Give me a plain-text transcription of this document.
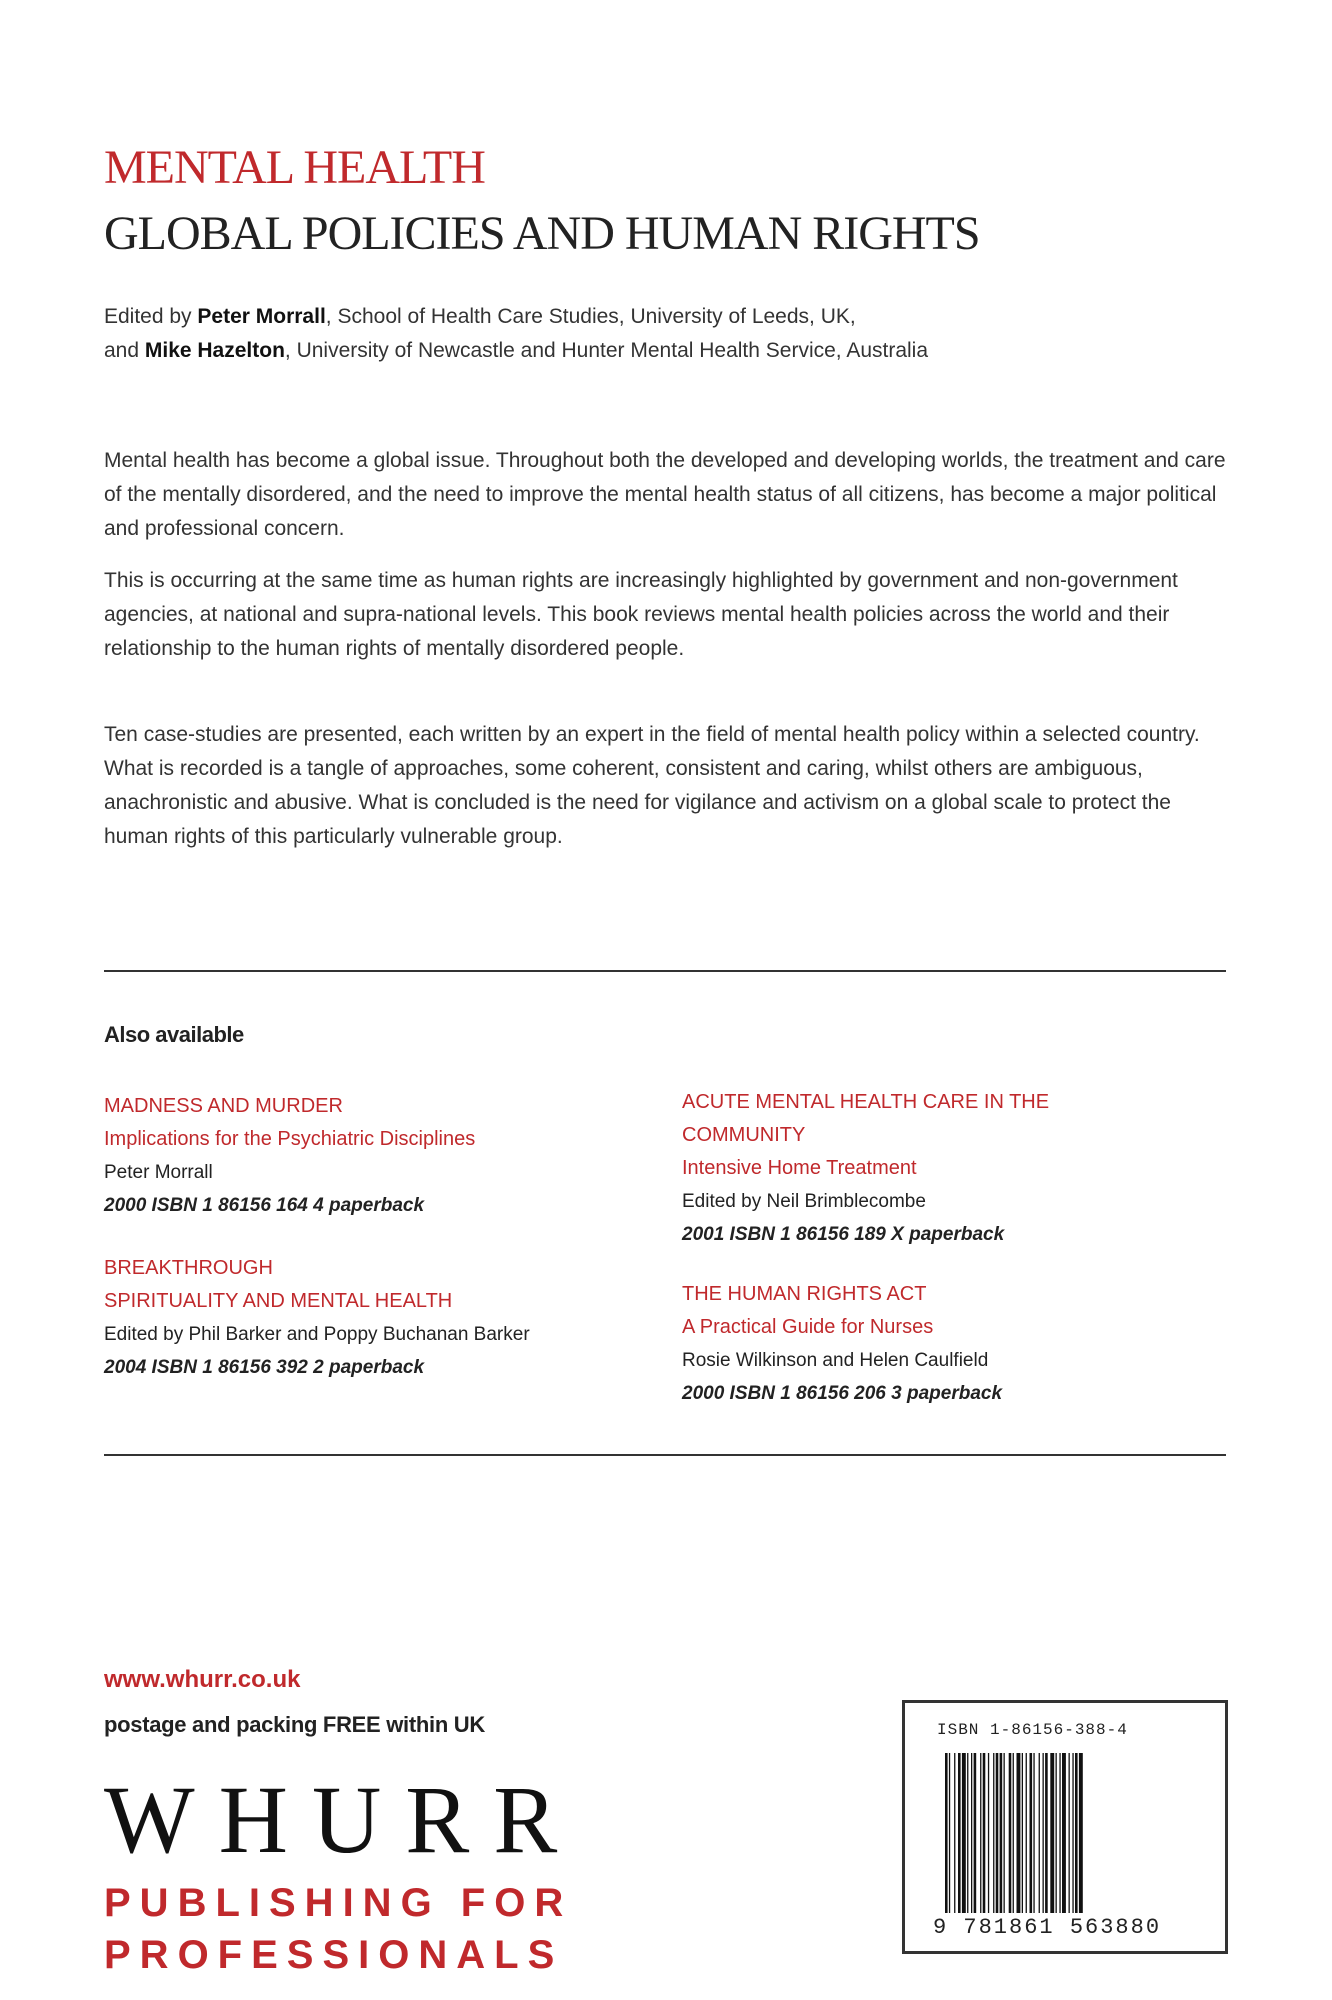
MENTAL HEALTH
GLOBAL POLICIES AND HUMAN RIGHTS
Edited by Peter Morrall, School of Health Care Studies, University of Leeds, UK,
and Mike Hazelton, University of Newcastle and Hunter Mental Health Service, Australia

Mental health has become a global issue. Throughout both the developed and developing worlds, the treatment and care of the mentally disordered, and the need to improve the mental health status of all citizens, has become a major political and professional concern.

This is occurring at the same time as human rights are increasingly highlighted by government and non-government agencies, at national and supra-national levels. This book reviews mental health policies across the world and their relationship to the human rights of mentally disordered people.

Ten case-studies are presented, each written by an expert in the field of mental health policy within a selected country. What is recorded is a tangle of approaches, some coherent, consistent and caring, whilst others are ambiguous, anachronistic and abusive. What is concluded is the need for vigilance and activism on a global scale to protect the human rights of this particularly vulnerable group.

Also available
MADNESS AND MURDER
Implications for the Psychiatric Disciplines
Peter Morrall
2000 ISBN 1 86156 164 4 paperback
BREAKTHROUGH
SPIRITUALITY AND MENTAL HEALTH
Edited by Phil Barker and Poppy Buchanan Barker
2004 ISBN 1 86156 392 2 paperback
ACUTE MENTAL HEALTH CARE IN THE COMMUNITY
Intensive Home Treatment
Edited by Neil Brimblecombe
2001 ISBN 1 86156 189 X paperback
THE HUMAN RIGHTS ACT
A Practical Guide for Nurses
Rosie Wilkinson and Helen Caulfield
2000 ISBN 1 86156 206 3 paperback
www.whurr.co.uk
postage and packing FREE within UK
WHURR
PUBLISHING FOR
PROFESSIONALS
ISBN 1-86156-388-4
9 781861 563880
